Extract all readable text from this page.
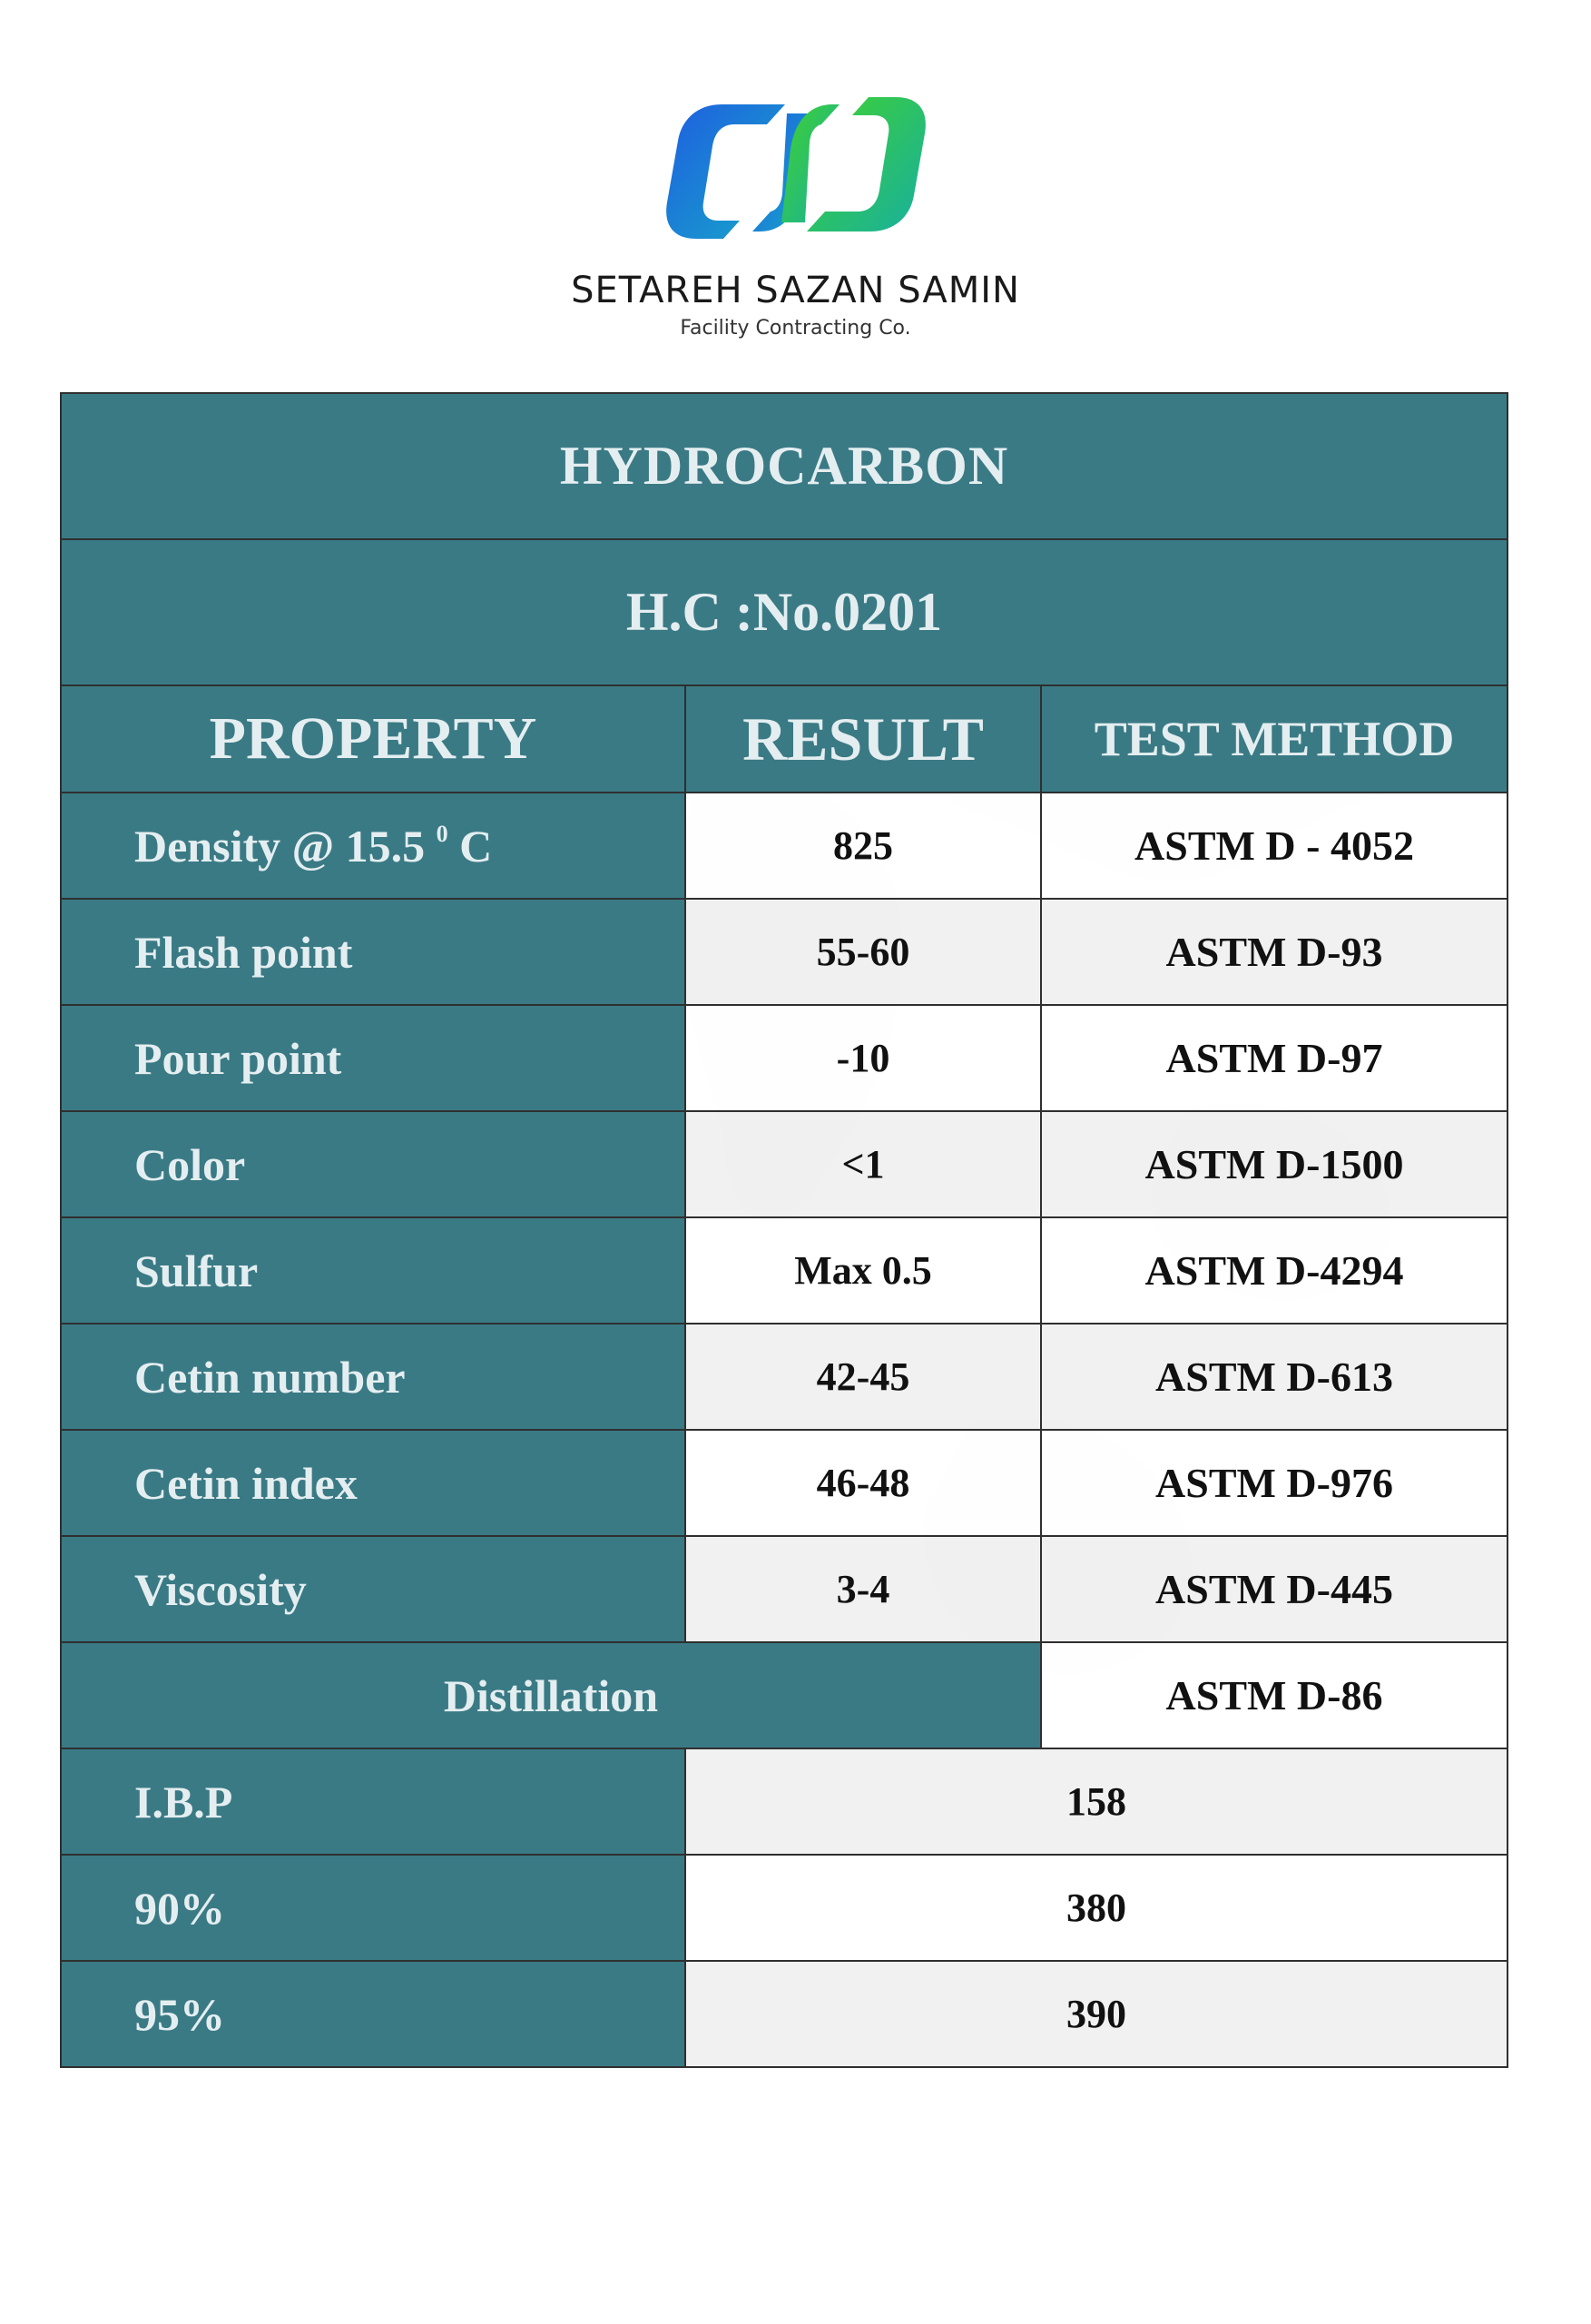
SETAREH SAZAN SAMIN
Facility Contracting Co.
HYDROCARBON		
H.C :No.0201		
PROPERTY	RESULT	TEST METHOD
Density @ 15.5 $^0$ C	825	ASTM D - 4052
Flash point	55-60	ASTM D-93
Pour point	-10	ASTM D-97
Color	<1	ASTM D-1500
Sulfur	Max 0.5	ASTM D-4294
Cetin number	42-45	ASTM D-613
Cetin index	46-48	ASTM D-976
Viscosity	3-4	ASTM D-445
Distillation		ASTM D-86
I.B.P	158	
90%	380	
95%	390	
